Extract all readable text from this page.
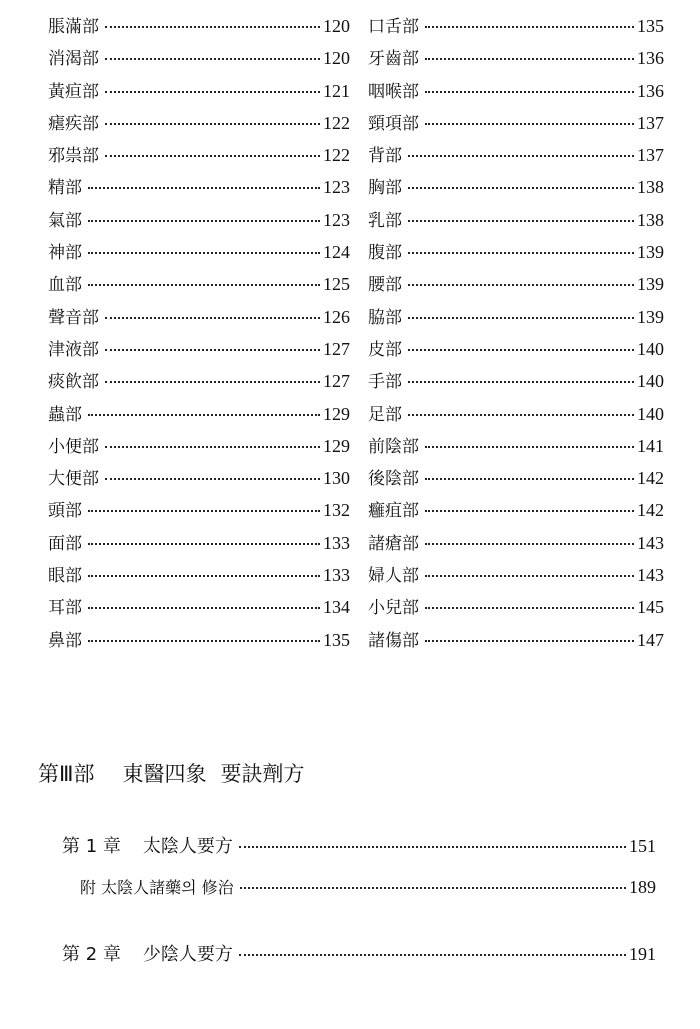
脹滿部	120
消渴部	120
黃疸部	121
瘧疾部	122
邪祟部	122
精部	123
氣部	123
神部	124
血部	125
聲音部	126
津液部	127
痰飮部	127
蟲部	129
小便部	129
大便部	130
頭部	132
面部	133
眼部	133
耳部	134
鼻部	135
口舌部	135
牙齒部	136
咽喉部	136
頸項部	137
背部	137
胸部	138
乳部	138
腹部	139
腰部	139
脇部	139
皮部	140
手部	140
足部	140
前陰部	141
後陰部	142
癰疽部	142
諸瘡部	143
婦人部	143
小兒部	145
諸傷部	147
第Ⅲ部 東醫四象 要訣劑方
第 1 章 太陰人要方	151
附 太陰人諸藥의 修治	189
第 2 章 少陰人要方	191
